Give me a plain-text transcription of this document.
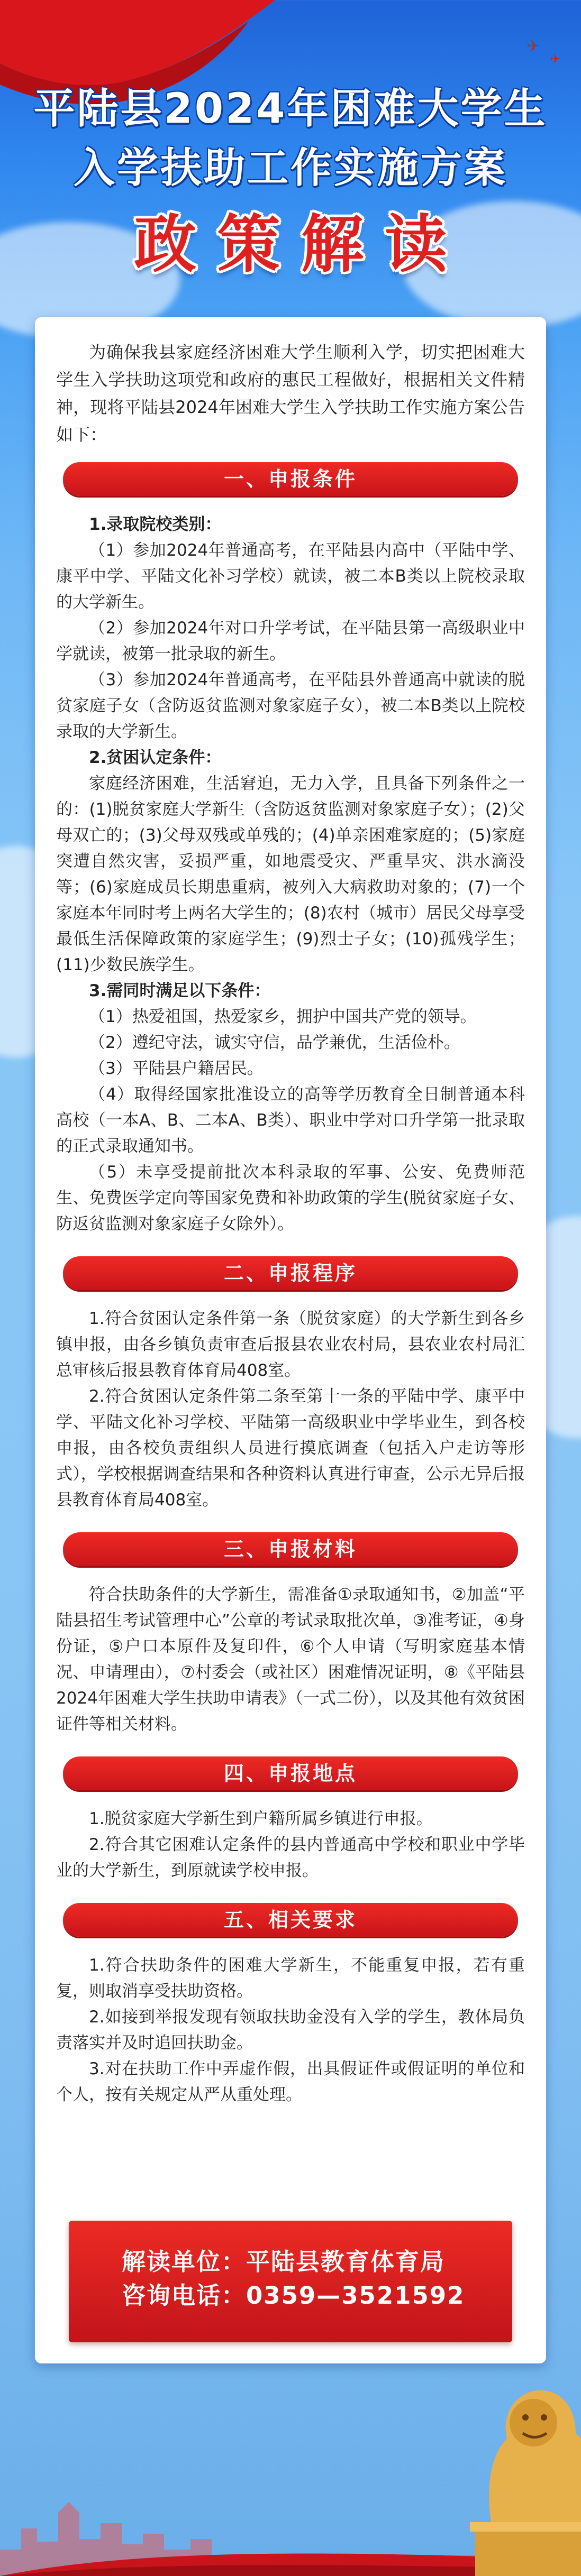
✈
✈
平陆县2024年困难大学生
入学扶助工作实施方案
政策解读

为确保我县家庭经济困难大学生顺利入学，切实把困难大学生入学扶助这项党和政府的惠民工程做好，根据相关文件精神，现将平陆县2024年困难大学生入学扶助工作实施方案公告如下：

一、申报条件

1.录取院校类别：

（1）参加2024年普通高考，在平陆县内高中（平陆中学、康平中学、平陆文化补习学校）就读，被二本B类以上院校录取的大学新生。

（2）参加2024年对口升学考试，在平陆县第一高级职业中学就读，被第一批录取的新生。

（3）参加2024年普通高考，在平陆县外普通高中就读的脱贫家庭子女（含防返贫监测对象家庭子女），被二本B类以上院校录取的大学新生。

2.贫困认定条件：

家庭经济困难，生活窘迫，无力入学，且具备下列条件之一的：(1)脱贫家庭大学新生（含防返贫监测对象家庭子女）；(2)父母双亡的；(3)父母双残或单残的；(4)单亲困难家庭的；(5)家庭突遭自然灾害，妥损严重，如地震受灾、严重旱灾、洪水滴没等；(6)家庭成员长期患重病，被列入大病救助对象的；(7)一个家庭本年同时考上两名大学生的；(8)农村（城市）居民父母享受最低生活保障政策的家庭学生；(9)烈士子女；(10)孤残学生；(11)少数民族学生。

3.需同时满足以下条件：

（1）热爱祖国，热爱家乡，拥护中国共产党的领导。

（2）遵纪守法，诚实守信，品学兼优，生活俭朴。

（3）平陆县户籍居民。

（4）取得经国家批准设立的高等学历教育全日制普通本科高校（一本A、B、二本A、B类）、职业中学对口升学第一批录取的正式录取通知书。

（5）未享受提前批次本科录取的军事、公安、免费师范生、免费医学定向等国家免费和补助政策的学生(脱贫家庭子女、防返贫监测对象家庭子女除外）。

二、申报程序

1.符合贫困认定条件第一条（脱贫家庭）的大学新生到各乡镇申报，由各乡镇负责审查后报县农业农村局，县农业农村局汇总审核后报县教育体育局408室。

2.符合贫困认定条件第二条至第十一条的平陆中学、康平中学、平陆文化补习学校、平陆第一高级职业中学毕业生，到各校申报，由各校负责组织人员进行摸底调查（包括入户走访等形式），学校根据调查结果和各种资料认真进行审查，公示无异后报县教育体育局408室。

三、申报材料

符合扶助条件的大学新生，需准备①录取通知书，②加盖“平陆县招生考试管理中心”公章的考试录取批次单，③准考证，④身份证，⑤户口本原件及复印件，⑥个人申请（写明家庭基本情况、申请理由），⑦村委会（或社区）困难情况证明，⑧《平陆县2024年困难大学生扶助申请表》（一式二份），以及其他有效贫困证件等相关材料。

四、申报地点

1.脱贫家庭大学新生到户籍所属乡镇进行申报。

2.符合其它困难认定条件的县内普通高中学校和职业中学毕业的大学新生，到原就读学校申报。

五、相关要求

1.符合扶助条件的困难大学新生，不能重复申报，若有重复，则取消享受扶助资格。

2.如接到举报发现有领取扶助金没有入学的学生，教体局负责落实并及时追回扶助金。

3.对在扶助工作中弄虚作假，出具假证件或假证明的单位和个人，按有关规定从严从重处理。

解读单位：平陆县教育体育局
咨询电话：0359—3521592
